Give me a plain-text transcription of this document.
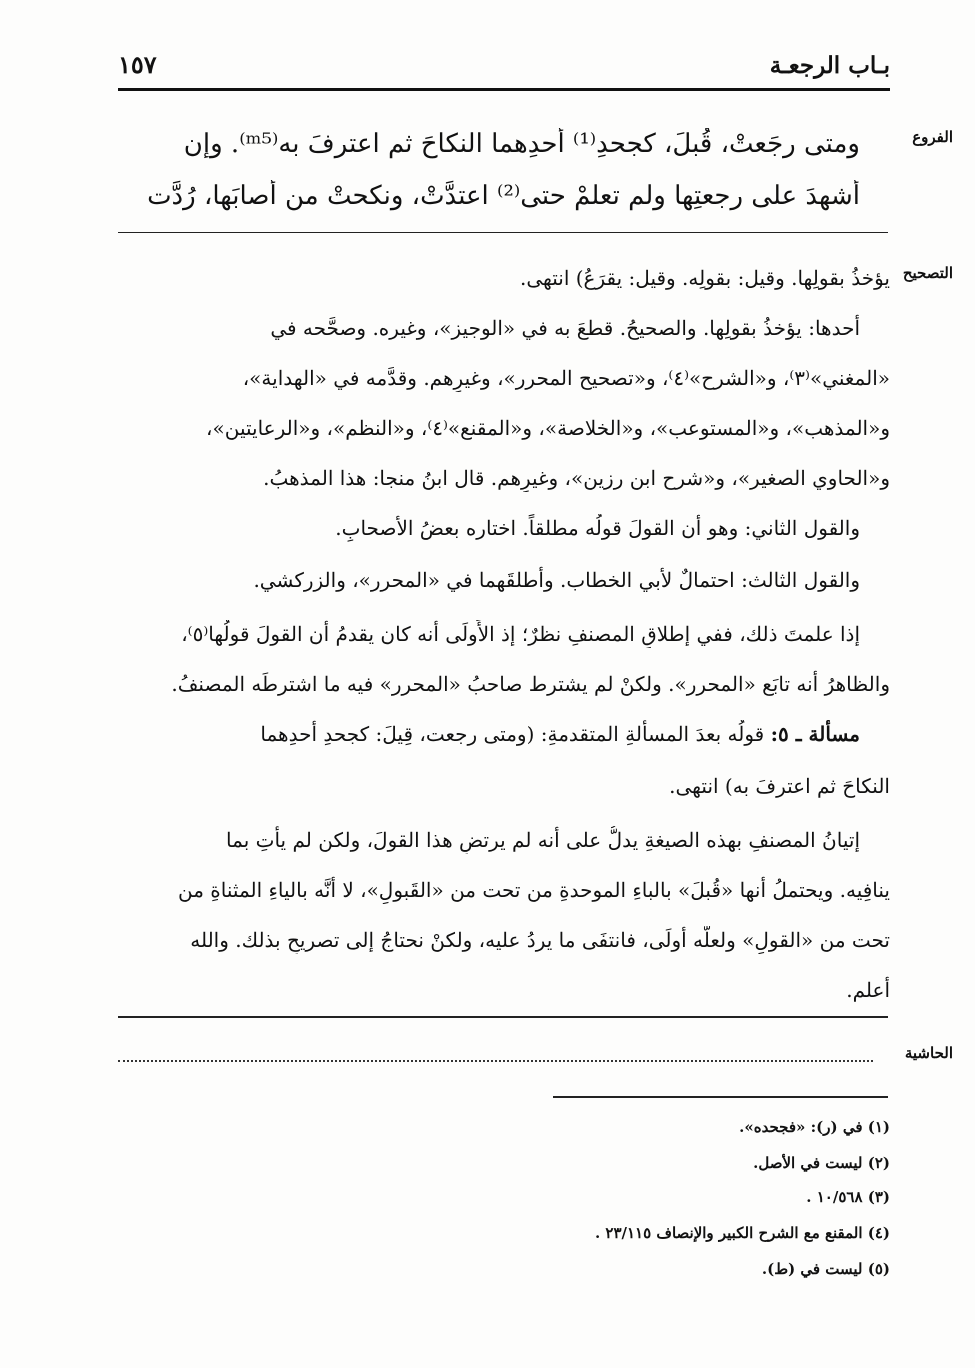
بـاب الرجعـة
١٥٧
الفروع
ومتى رجَعتْ، قُبلَ، كجحدِ⁽¹⁾ أحدِهما النكاحَ ثم اعترفَ به⁽ᵐ⁵⁾. وإن
أشهدَ على رجعتِها ولم تعلمْ حتى⁽²⁾ اعتدَّتْ، ونكحتْ من أصابَها، رُدَّت
التصحيح
يؤخذُ بقولِها. وقيل: بقولِه. وقيل: يقرَعُ) انتهى.
أحدها: يؤخذُ بقولِها. والصحيحُ. قطعَ به في «الوجيز»، وغيره. وصحَّحه في
«المغني»⁽٣⁾، و«الشرح»⁽٤⁾، و«تصحيح المحرر»، وغيرِهم. وقدَّمه في «الهداية»،
و«المذهب»، و«المستوعب»، و«الخلاصة»، و«المقنع»⁽٤⁾، و«النظم»، و«الرعايتين»،
و«الحاوي الصغير»، و«شرح ابن رزين»، وغيرِهم. قال ابنُ منجا: هذا المذهبُ.
والقول الثاني: وهو أن القولَ قولُه مطلقاً. اختاره بعضُ الأصحابِ.
والقول الثالث: احتمالٌ لأبي الخطاب. وأطلقَهما في «المحرر»، والزركشي.
إذا علمتَ ذلك، ففي إطلاقِ المصنفِ نظرٌ؛ إذ الأَولَى أنه كان يقدمُ أن القولَ قولُها⁽٥⁾،
والظاهرُ أنه تابَع «المحرر». ولكنْ لم يشترط صاحبُ «المحرر» فيه ما اشترطَه المصنفُ.
مسألة ـ ٥: قولُه بعدَ المسألةِ المتقدمةِ: (ومتى رجعت، قِيلَ: كجحدِ أحدِهما
النكاحَ ثم اعترفَ به) انتهى.
إتيانُ المصنفِ بهذه الصيغةِ يدلُّ على أنه لم يرتضِ هذا القولَ، ولكن لم يأتِ بما
ينافِيه. ويحتملُ أنها «قُبلَ» بالباءِ الموحدةِ من تحت من «القَبولِ»، لا أنَّه بالياءِ المثناةِ من
تحت من «القولِ» ولعلَّه أولَى، فانتفَى ما يردُ عليه، ولكنْ نحتاجُ إلى تصريحِ بذلك. والله
أعلم.
الحاشية
(١) في (ر): «فجحده».
(٢) ليست في الأصل.
(٣) ١٠/٥٦٨ .
(٤) المقنع مع الشرح الكبير والإنصاف ٢٣/١١٥ .
(٥) ليست في (ط).
